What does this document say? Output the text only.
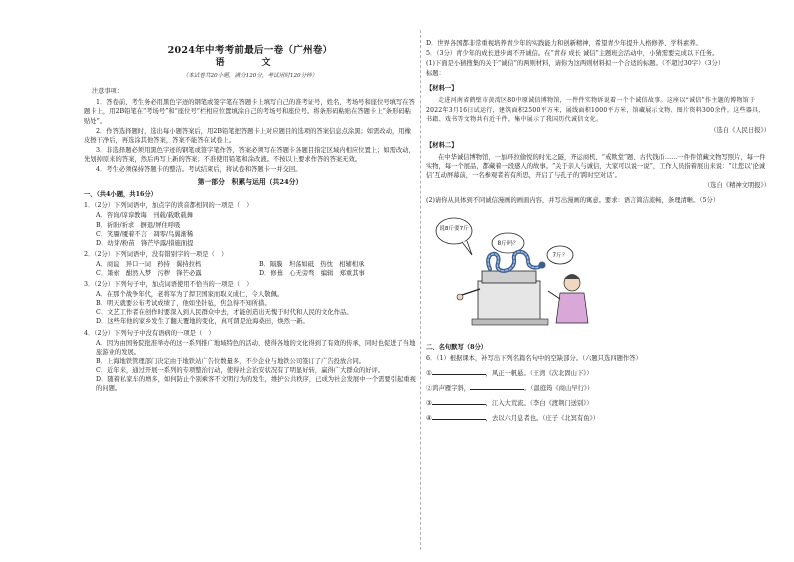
2024年中考考前最后一卷（广州卷）
语　文
（本试卷共20小题，满分120分，考试用时120分钟）
注意事项：
1．答卷前，考生务必用黑色字迹的钢笔或签字笔在答题卡上填写自己的准考证号，姓名、考场号和座位号填写在答题卡上，用2B铅笔在“考场号”和“座位号”栏相应位置填涂自己的考场号和座位号。将条形码粘贴在答题卡上“条形码粘贴处”。
2．作答选择题时，选出每小题答案后，用2B铅笔把答题卡上对应题目的选项的答案信息点涂黑；如需改动，用橡皮擦干净后，再选涂其他答案，答案不能答在试卷上。
3．非选择题必须用黑色字迹的钢笔或签字笔作答，答案必须写在答题卡各题目指定区域内相应位置上；如需改动，先划掉原来的答案，然后再写上新的答案；不准使用铅笔和涂改液。不按以上要求作答的答案无效。
4．考生必须保持答题卡的整洁。考试结束后，将试卷和答题卡一并交回。
第一部分　积累与运用（共24分）
一、（共4小题，共16分）
1．（2分）下列词语中，加点字的读音都相同的一项是（　）
A．咨询/谆谆教诲　刊载/载歌载舞
B．祈盼/祈求　摒退/屏住呼吸
C．笑靥/魇着不言　凋零/鸟翼渐稀
D．幼芽/粉苗　锋芒毕露/措施面提
2．（2分）下列词语中，没有错别字的一项是（　）
A．商谊　异口一词　矜持　翼持拉杩	B．隔膜　坦荡如砥　热忱　相辅相承
C．箫索　酣然入梦　污秽　锋芒必露	D．修葺　心无旁骛　编辑　郑重其事
3．（2分）下列句子中，加点词语使用不恰当的一项是（　）
A．在那个战争年代，老将军为了捍卫国家而取义成仁，令人敬佩。
B．明天就要公布考试成绩了，他如坐针毡，焦急得不知所措。
C．文艺工作者在创作时要深入到人民群众中去，才能创造出无愧于时代和人民的文化作品。
D．这些年他的家乡发生了翻天覆地的变化，真可谓是沧海桑田，焕然一新。
4．（2分）下列句子中没有语病的一项是（　）
A．因为由国务院批准举办的这一系列推广地域特色的活动，使得各地的文化得到了有效的传承，同时也促进了当地旅游业的发展。
B．上海地铁管理部门决定由于地铁站广告位数量多，不少企业与地铁公司签订了广告投放合同。
C．近年来，通过开展一系列的专项整治行动，使得社会治安状况有了明显好转，赢得广大群众的好评。
D．随着私家车的增多，如何防止个别乘客不文明行为的发生，维护公共秩序，已成为社会发展中一个需要引起重视的问题。
D．世界各国都非常重视培养青少年的实践能力和创新精神，希望青少年提升人格修养、学科素养。
5．（3分）青少年的成长进步离不开诚信。在“青春 成长 诚信”主题班会活动中，小猜需要完成以下任务。
(1)下面是小猜搜集的关于“诚信”的两则材料，请你为这两则材料拟一个合适的标题。（不超过30字）（3分）
标题：
【材料一】
走进河南省鹤壁市黄湾区80中原诚信博物馆，一件件实物诉说着一个个诚信故事。这座以“诚信”作主题的博物馆于2022年3月16日试运行，建筑面积2500平方米，展线面积1000平方米，馆藏展示文物、图片资料300余件。这些器具、书籍、戏书等文物共有近千件，集中展示了我国历代诚信文化。
（选自《人民日报》）
【材料二】
在中华诚信博物馆，一加环拉偷悦的时光之隧，齐运商机、“戒欺堂”题、古代钱币……一件件馆藏文物写照片，每一件实物，每一个展品，都藏着一段感人的故事。“关于亲人与诚信，大家可以说一说”，工作人员指着展出来说：“让您以‘论诚信’互动屏幕前，一名参观者若有所思，开启了与孔子的‘跨时空对话’。
（选自《精神文明报》）
(2)请你从具体到不同诚信漫画的画面内容，并写出漫画的寓意。要求：语言简洁流畅，条理清晰。（5分）
说8斤要7斤
8斤吗？
7斤？
二、名句默写（8分）
6．（1）根据课本，补写出下列名篇名句中的空缺部分。（六题只选四题作答）
①	，风正一帆悬。（王湾《次北固山下》）
②鸿声雁字斜，	。（温庭筠《商山早行》）
③	，江入大荒流。（李白《渡荆门送别》）
④	，去以六月息者也。（庄子《北冥有鱼》）
